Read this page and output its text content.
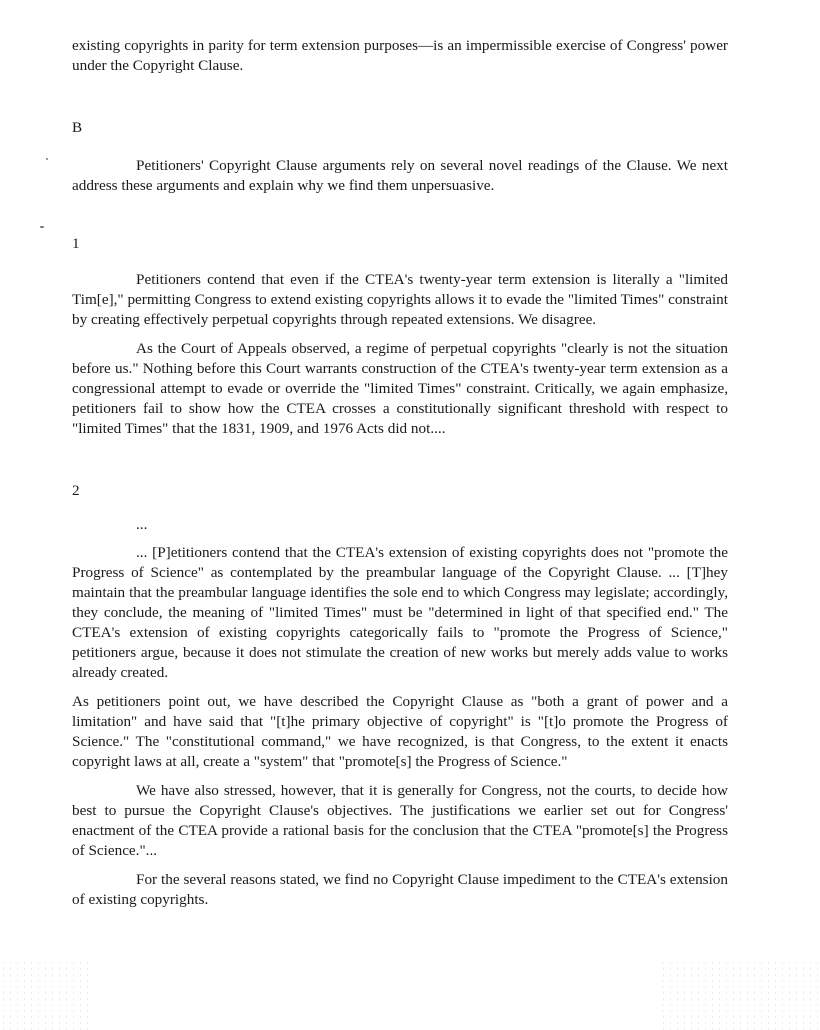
existing copyrights in parity for term extension purposes—is an impermissible exercise of Congress' power under the Copyright Clause.

B

Petitioners' Copyright Clause arguments rely on several novel readings of the Clause. We next address these arguments and explain why we find them unpersuasive.

1

Petitioners contend that even if the CTEA's twenty-year term extension is literally a "limited Tim[e]," permitting Congress to extend existing copyrights allows it to evade the "limited Times" constraint by creating effectively perpetual copyrights through repeated extensions. We disagree.

As the Court of Appeals observed, a regime of perpetual copyrights "clearly is not the situation before us." Nothing before this Court warrants construction of the CTEA's twenty-year term extension as a congressional attempt to evade or override the "limited Times" constraint. Critically, we again emphasize, petitioners fail to show how the CTEA crosses a constitutionally significant threshold with respect to "limited Times" that the 1831, 1909, and 1976 Acts did not....

2

...

... [P]etitioners contend that the CTEA's extension of existing copyrights does not "promote the Progress of Science" as contemplated by the preambular language of the Copyright Clause. ... [T]hey maintain that the preambular language identifies the sole end to which Congress may legislate; accordingly, they conclude, the meaning of "limited Times" must be "determined in light of that specified end." The CTEA's extension of existing copyrights categorically fails to "promote the Progress of Science," petitioners argue, because it does not stimulate the creation of new works but merely adds value to works already created.

As petitioners point out, we have described the Copyright Clause as "both a grant of power and a limitation" and have said that "[t]he primary objective of copyright" is "[t]o promote the Progress of Science." The "constitutional command," we have recognized, is that Congress, to the extent it enacts copyright laws at all, create a "system" that "promote[s] the Progress of Science."

We have also stressed, however, that it is generally for Congress, not the courts, to decide how best to pursue the Copyright Clause's objectives. The justifications we earlier set out for Congress' enactment of the CTEA provide a rational basis for the conclusion that the CTEA "promote[s] the Progress of Science."...

For the several reasons stated, we find no Copyright Clause impediment to the CTEA's extension of existing copyrights.
